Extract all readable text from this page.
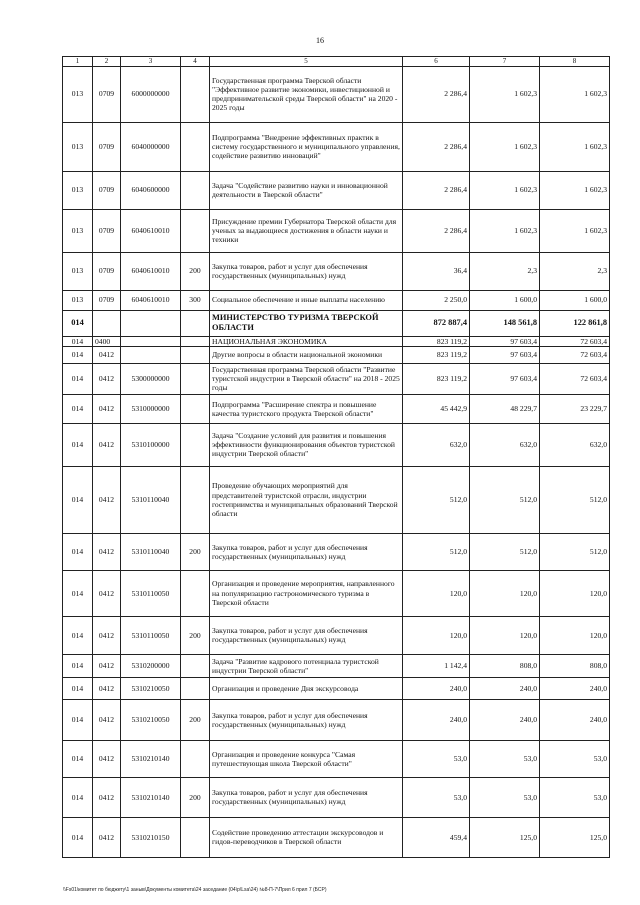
16
1	2	3	4	5	6	7	8
013	0709	6000000000		Государственная программа Тверской области "Эффективное развитие экономики, инвестиционной и предпринимательской среды Тверской области" на 2020 - 2025 годы	2 286,4	1 602,3	1 602,3
013	0709	6040000000		Подпрограмма "Внедрение эффективных практик в систему государственного и муниципального управления, содействие развитию инноваций"	2 286,4	1 602,3	1 602,3
013	0709	6040600000		Задача "Содействие развитию науки и инновационной деятельности в Тверской области"	2 286,4	1 602,3	1 602,3
013	0709	6040610010		Присуждение премии Губернатора Тверской области для ученых за выдающиеся достижения в области науки и техники	2 286,4	1 602,3	1 602,3
013	0709	6040610010	200	Закупка товаров, работ и услуг для обеспечения государственных (муниципальных) нужд	36,4	2,3	2,3
013	0709	6040610010	300	Социальное обеспечение и иные выплаты населению	2 250,0	1 600,0	1 600,0
014				МИНИСТЕРСТВО ТУРИЗМА ТВЕРСКОЙ ОБЛАСТИ	872 887,4	148 561,8	122 861,8
014	0400			НАЦИОНАЛЬНАЯ ЭКОНОМИКА	823 119,2	97 603,4	72 603,4
014	0412			Другие вопросы в области национальной экономики	823 119,2	97 603,4	72 603,4
014	0412	5300000000		Государственная программа Тверской области "Развитие туристской индустрии в Тверской области" на 2018 - 2025 годы	823 119,2	97 603,4	72 603,4
014	0412	5310000000		Подпрограмма "Расширение спектра и повышение качества туристского продукта Тверской области"	45 442,9	48 229,7	23 229,7
014	0412	5310100000		Задача "Создание условий для развития и повышения эффективности функционирования объектов туристской индустрии Тверской области"	632,0	632,0	632,0
014	0412	5310110040		Проведение обучающих мероприятий для представителей туристской отрасли, индустрии гостеприимства и муниципальных образований Тверской области	512,0	512,0	512,0
014	0412	5310110040	200	Закупка товаров, работ и услуг для обеспечения государственных (муниципальных) нужд	512,0	512,0	512,0
014	0412	5310110050		Организация и проведение мероприятия, направленного на популяризацию гастрономического туризма в Тверской области	120,0	120,0	120,0
014	0412	5310110050	200	Закупка товаров, работ и услуг для обеспечения государственных (муниципальных) нужд	120,0	120,0	120,0
014	0412	5310200000		Задача "Развитие кадрового потенциала туристской индустрии Тверской области"	1 142,4	808,0	808,0
014	0412	5310210050		Организация и проведение Дня экскурсовода	240,0	240,0	240,0
014	0412	5310210050	200	Закупка товаров, работ и услуг для обеспечения государственных (муниципальных) нужд	240,0	240,0	240,0
014	0412	5310210140		Организация и проведение конкурса "Самая путешествующая школа Тверской области"	53,0	53,0	53,0
014	0412	5310210140	200	Закупка товаров, работ и услуг для обеспечения государственных (муниципальных) нужд	53,0	53,0	53,0
014	0412	5310210150		Содействие проведению аттестации экскурсоводов и гидов-переводчиков в Тверской области	459,4	125,0	125,0
\\Fs01\комитет по бюджету\1 заныв\Документы комитета\24 заседание (04\р\Lsa\24) №8-П-7\Прил 6 прил 7 (БСР)
